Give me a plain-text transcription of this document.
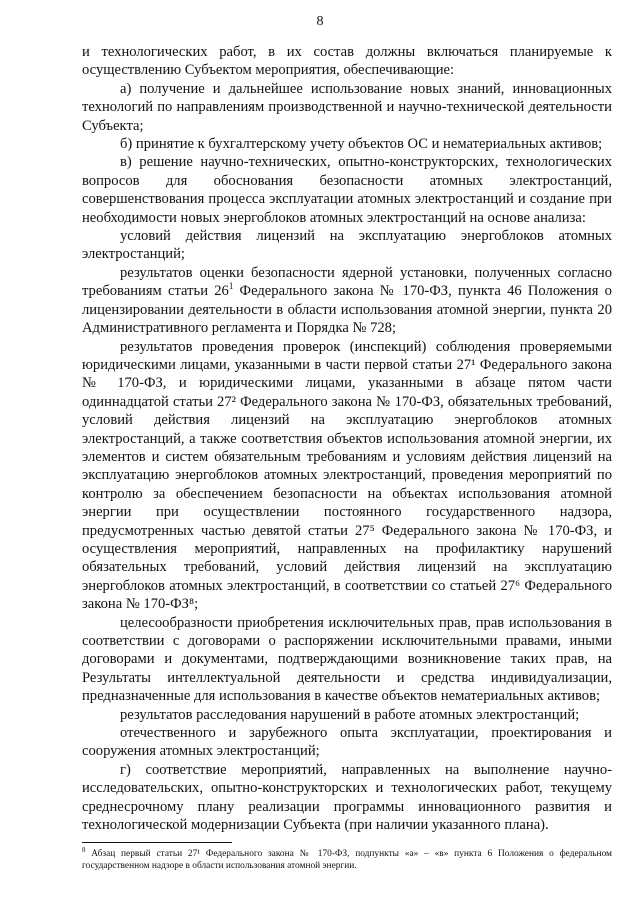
8

и технологических работ, в их состав должны включаться планируемые к осуществлению Субъектом мероприятия, обеспечивающие:

а) получение и дальнейшее использование новых знаний, инновационных технологий по направлениям производственной и научно-технической деятельности Субъекта;

б) принятие к бухгалтерскому учету объектов ОС и нематериальных активов;

в) решение научно-технических, опытно-конструкторских, технологических вопросов для обоснования безопасности атомных электростанций, совершенствования процесса эксплуатации атомных электростанций и создание при необходимости новых энергоблоков атомных электростанций на основе анализа:

условий действия лицензий на эксплуатацию энергоблоков атомных электростанций;

результатов оценки безопасности ядерной установки, полученных согласно требованиям статьи $26^1$ Федерального закона № 170-ФЗ, пункта 46 Положения о лицензировании деятельности в области использования атомной энергии, пункта 20 Административного регламента и Порядка № 728;

результатов проведения проверок (инспекций) соблюдения проверяемыми юридическими лицами, указанными в части первой статьи 27¹ Федерального закона № 170-ФЗ, и юридическими лицами, указанными в абзаце пятом части одиннадцатой статьи 27² Федерального закона № 170-ФЗ, обязательных требований, условий действия лицензий на эксплуатацию энергоблоков атомных электростанций, а также соответствия объектов использования атомной энергии, их элементов и систем обязательным требованиям и условиям действия лицензий на эксплуатацию энергоблоков атомных электростанций, проведения мероприятий по контролю за обеспечением безопасности на объектах использования атомной энергии при осуществлении постоянного государственного надзора, предусмотренных частью девятой статьи 27⁵ Федерального закона № 170-ФЗ, и осуществления мероприятий, направленных на профилактику нарушений обязательных требований, условий действия лицензий на эксплуатацию энергоблоков атомных электростанций, в соответствии со статьей 27⁶ Федерального закона № 170-ФЗ⁸;

целесообразности приобретения исключительных прав, прав использования в соответствии с договорами о распоряжении исключительными правами, иными договорами и документами, подтверждающими возникновение таких прав, на Результаты интеллектуальной деятельности и средства индивидуализации, предназначенные для использования в качестве объектов нематериальных активов;

результатов расследования нарушений в работе атомных электростанций;

отечественного и зарубежного опыта эксплуатации, проектирования и сооружения атомных электростанций;

г) соответствие мероприятий, направленных на выполнение научно-исследовательских, опытно-конструкторских и технологических работ, текущему среднесрочному плану реализации программы инновационного развития и технологической модернизации Субъекта (при наличии указанного плана).

$^8$ Абзац первый статьи 27¹ Федерального закона № 170-ФЗ, подпункты «а» – «в» пункта 6 Положения о федеральном государственном надзоре в области использования атомной энергии.
